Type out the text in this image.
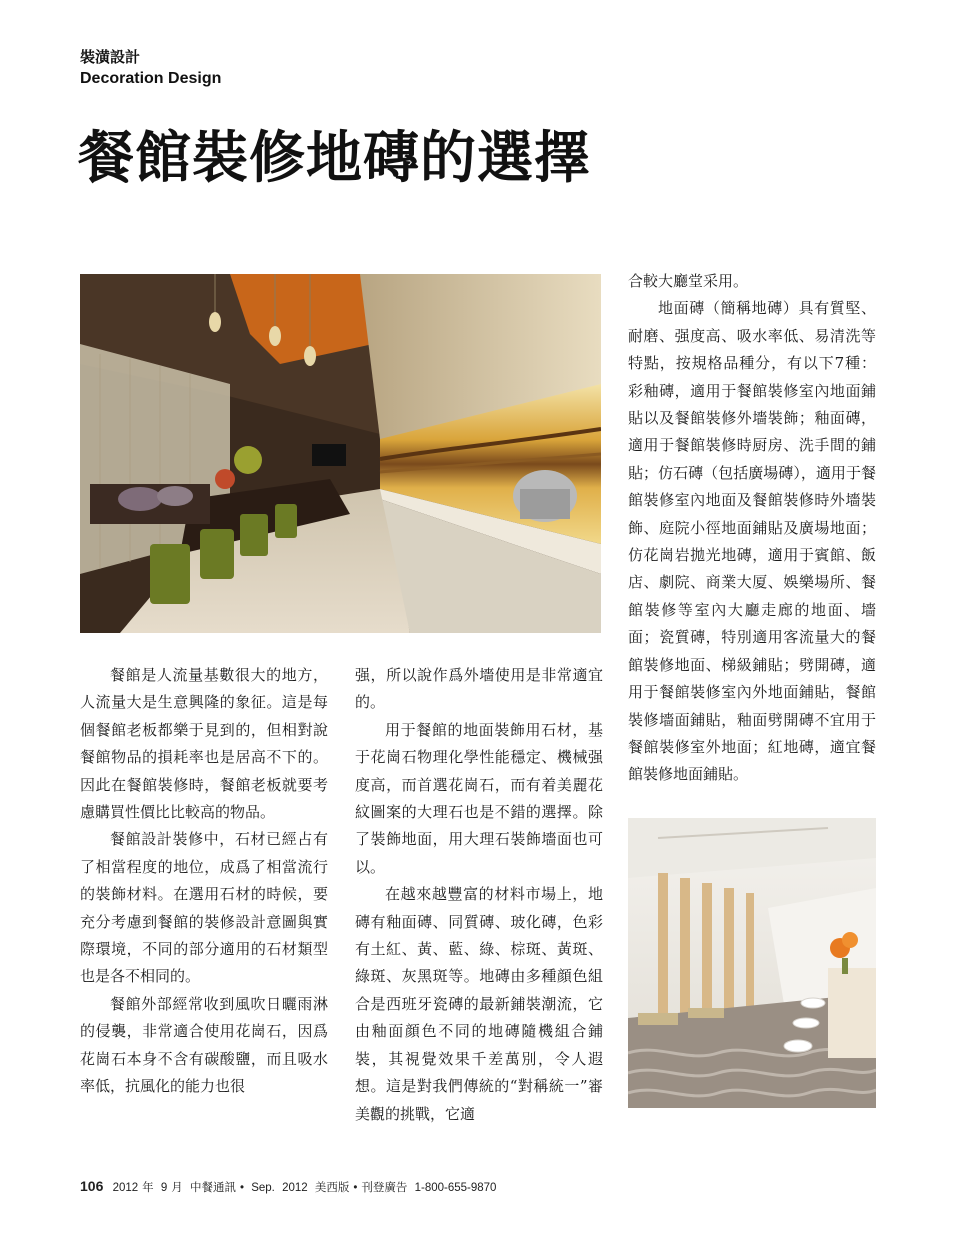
裝潢設計
Decoration Design
餐館裝修地磚的選擇

餐館是人流量基數很大的地方，人流量大是生意興隆的象征。這是每個餐館老板都樂于見到的，但相對說餐館物品的損耗率也是居高不下的。因此在餐館裝修時，餐館老板就要考慮購買性價比比較高的物品。

餐館設計裝修中，石材已經占有了相當程度的地位，成爲了相當流行的裝飾材料。在選用石材的時候，要充分考慮到餐館的裝修設計意圖與實際環境，不同的部分適用的石材類型也是各不相同的。

餐館外部經常收到風吹日曬雨淋的侵襲，非常適合使用花崗石，因爲花崗石本身不含有碳酸鹽，而且吸水率低，抗風化的能力也很

强，所以說作爲外墻使用是非常適宜的。

用于餐館的地面裝飾用石材，基于花崗石物理化學性能穩定、機械强度高，而首選花崗石，而有着美麗花紋圖案的大理石也是不錯的選擇。除了裝飾地面，用大理石裝飾墻面也可以。

在越來越豐富的材料市場上，地磚有釉面磚、同質磚、玻化磚，色彩有土紅、黃、藍、綠、棕斑、黃斑、綠斑、灰黑斑等。地磚由多種顔色組合是西班牙瓷磚的最新鋪裝潮流，它由釉面顔色不同的地磚隨機組合鋪裝，其視覺效果千差萬別，令人遐想。這是對我們傳統的“對稱統一”審美觀的挑戰，它適

合較大廳堂采用。

地面磚（簡稱地磚）具有質堅、耐磨、强度高、吸水率低、易清洗等特點，按規格品種分，有以下7種：彩釉磚，適用于餐館裝修室內地面鋪貼以及餐館裝修外墻裝飾；釉面磚，適用于餐館裝修時厨房、洗手間的鋪貼；仿石磚（包括廣場磚），適用于餐館裝修室內地面及餐館裝修時外墻裝飾、庭院小徑地面鋪貼及廣場地面；仿花崗岩拋光地磚，適用于賓館、飯店、劇院、商業大厦、娛樂場所、餐館裝修等室內大廳走廊的地面、墻面；瓷質磚，特別適用客流量大的餐館裝修地面、梯級鋪貼；劈開磚，適用于餐館裝修室內外地面鋪貼，餐館裝修墻面鋪貼，釉面劈開磚不宜用于餐館裝修室外地面；紅地磚，適宜餐館裝修地面鋪貼。

106 2012 年 9 月 中餐通訊 • Sep. 2012 美西版 • 刊登廣告 1-800-655-9870
